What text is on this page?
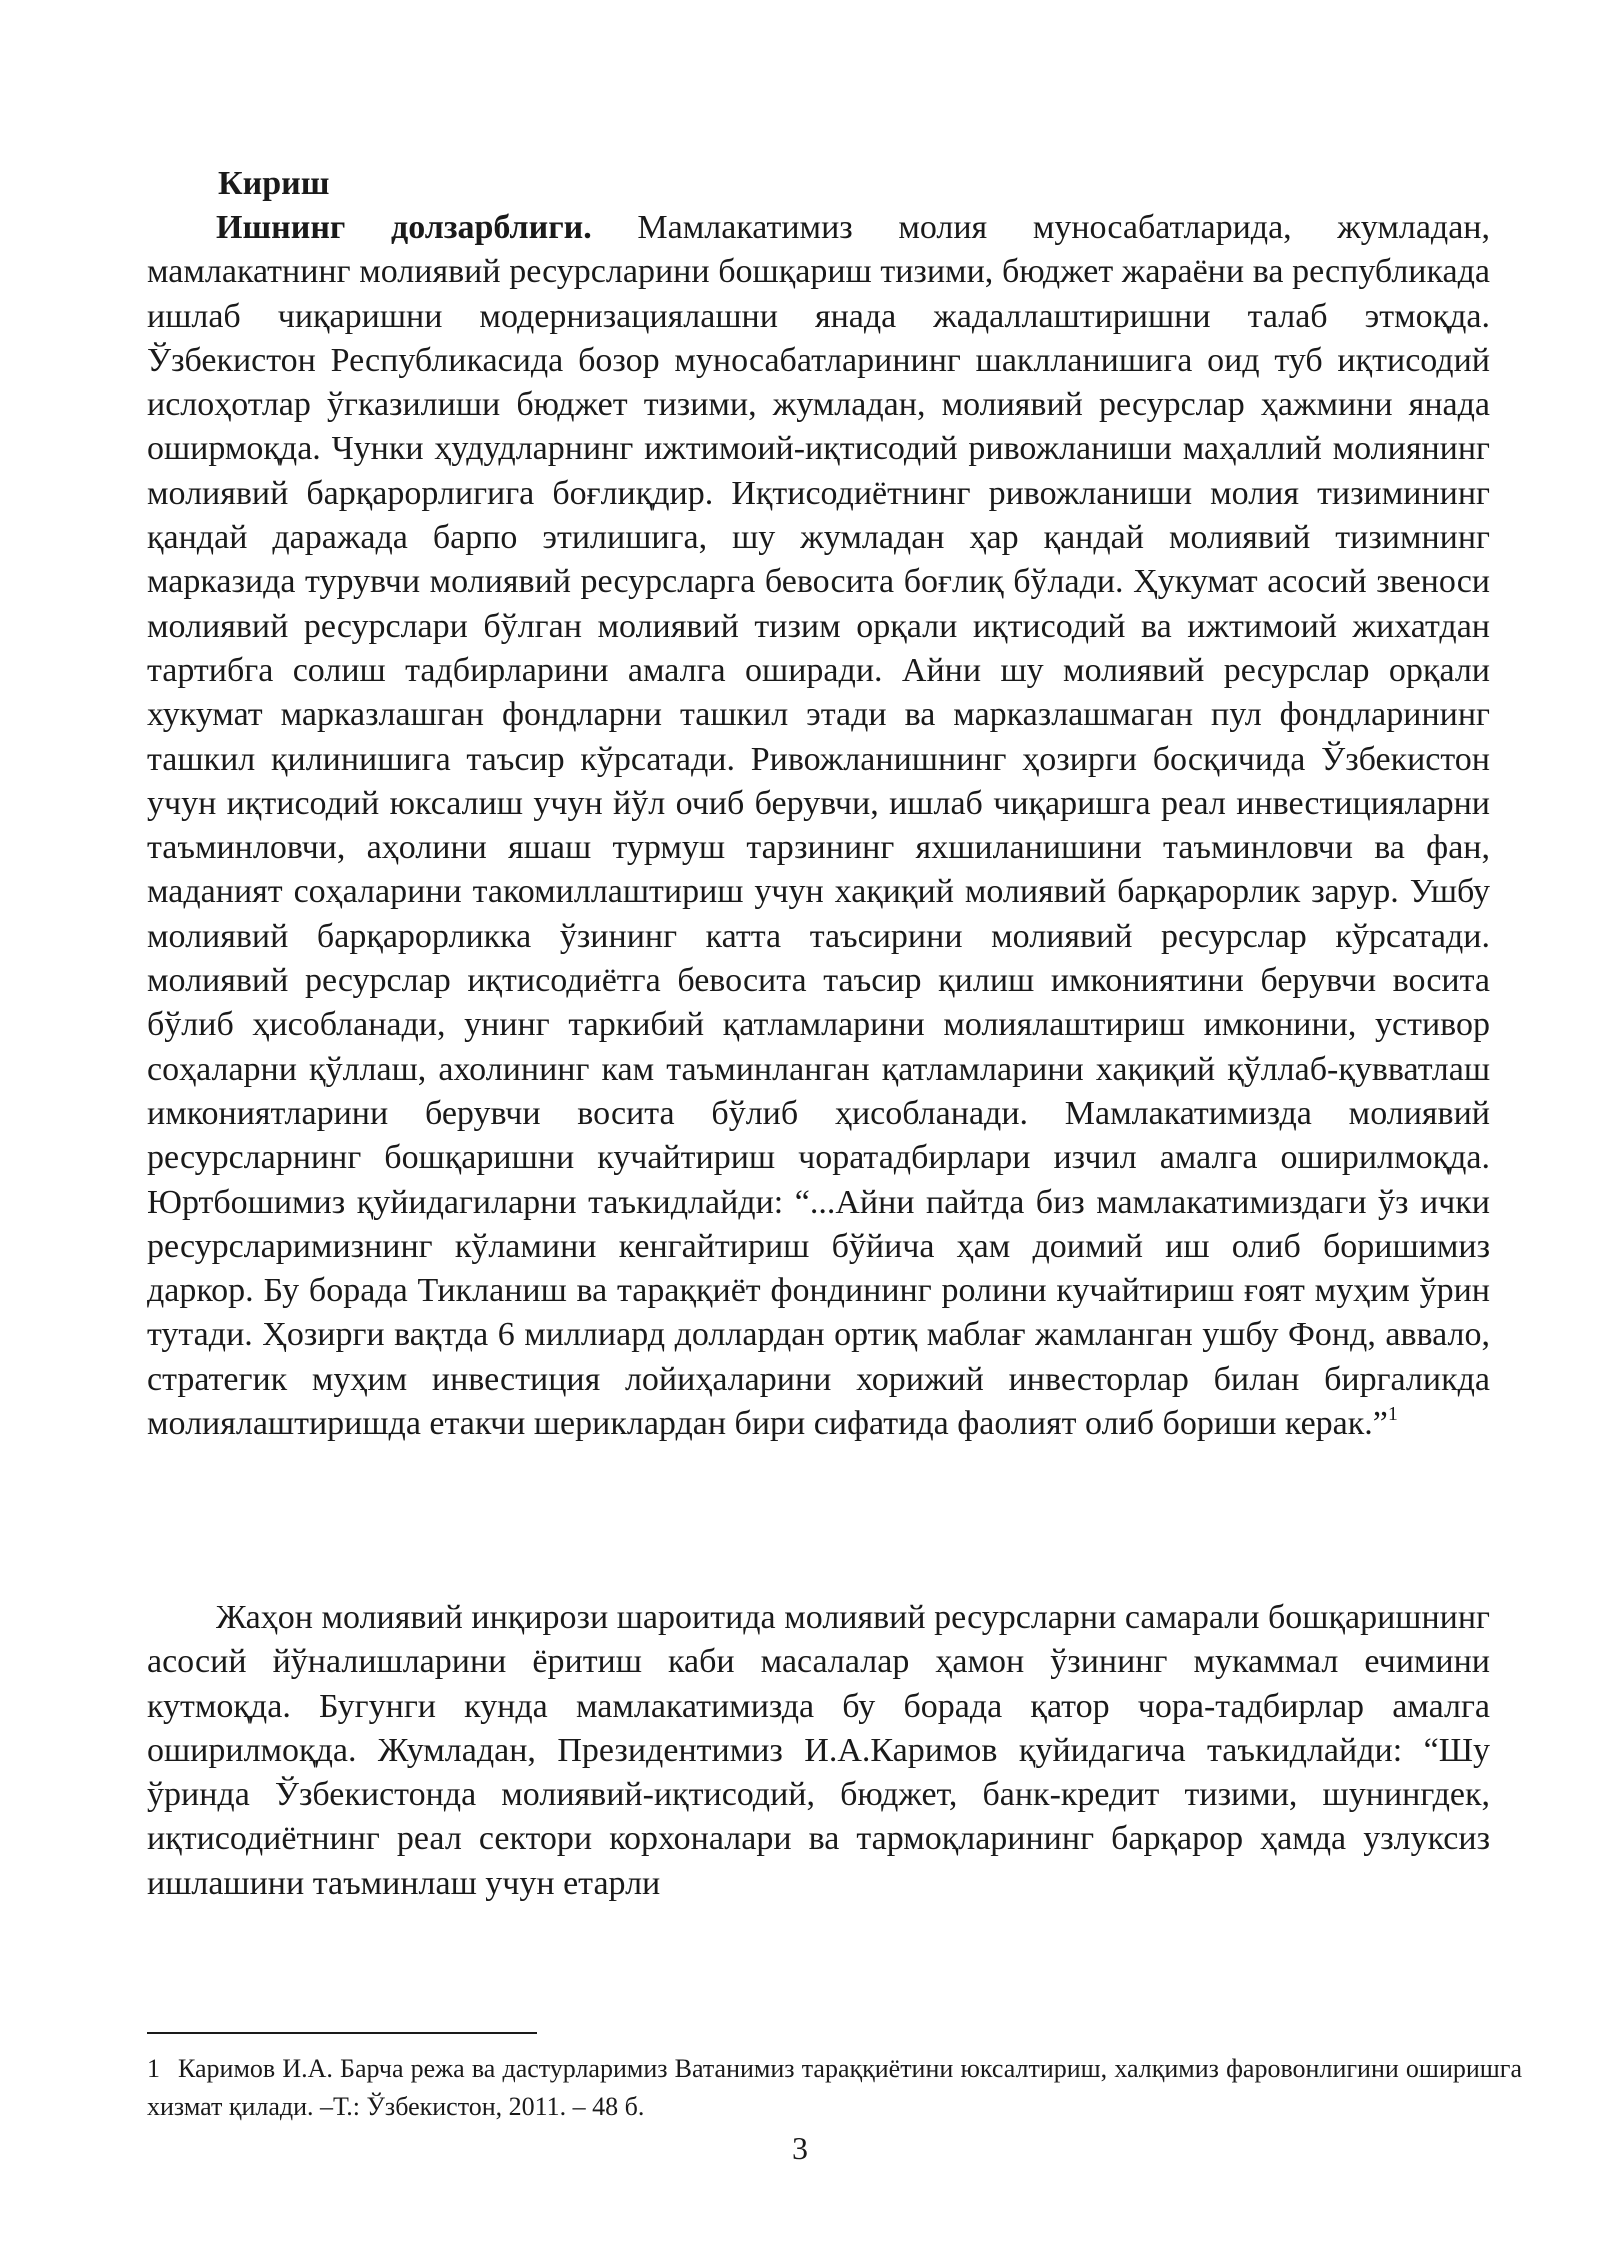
Кириш
Ишнинг долзарблиги. Мамлакатимиз молия муносабатларида, жумладан, мамлакатнинг молиявий ресурсларини бошқариш тизими, бюджет жараёни ва республикада ишлаб чиқаришни модернизациялашни янада жадаллаштиришни талаб этмоқда. Ўзбекистон Республикасида бозор муносабатларининг шаклланишига оид туб иқтисодий ислоҳотлар ўгказилиши бюджет тизими, жумладан, молиявий ресурслар ҳажмини янада оширмоқда. Чунки ҳудудларнинг ижтимоий-иқтисодий ривожланиши маҳаллий молиянинг молиявий барқарорлигига боғлиқдир. Иқтисодиётнинг ривожланиши молия тизимининг қандай даражада барпо этилишига, шу жумладан ҳар қандай молиявий тизимнинг марказида турувчи молиявий ресурсларга бевосита боғлиқ бўлади. Ҳукумат асосий звеноси молиявий ресурслари бўлган молиявий тизим орқали иқтисодий ва ижтимоий жихатдан тартибга солиш тадбирларини амалга оширади. Айни шу молиявий ресурслар орқали хукумат марказлашган фондларни ташкил этади ва марказлашмаган пул фондларининг ташкил қилинишига таъсир кўрсатади. Ривожланишнинг ҳозирги босқичида Ўзбекистон учун иқтисодий юксалиш учун йўл очиб берувчи, ишлаб чиқаришга реал инвестицияларни таъминловчи, аҳолини яшаш турмуш тарзининг яхшиланишини таъминловчи ва фан, маданият соҳаларини такомиллаштириш учун хақиқий молиявий барқарорлик зарур. Ушбу молиявий барқарорликка ўзининг катта таъсирини молиявий ресурслар кўрсатади. молиявий ресурслар иқтисодиётга бевосита таъсир қилиш имкониятини берувчи восита бўлиб ҳисобланади, унинг таркибий қатламларини молиялаштириш имконини, устивор соҳаларни қўллаш, ахолининг кам таъминланган қатламларини хақиқий қўллаб-қувватлаш имкониятларини берувчи восита бўлиб ҳисобланади. Мамлакатимизда молиявий ресурсларнинг бошқаришни кучайтириш чоратадбирлари изчил амалга оширилмоқда. Юртбошимиз қуйидагиларни таъкидлайди: “...Айни пайтда биз мамлакатимиздаги ўз ички ресурсларимизнинг кўламини кенгайтириш бўйича ҳам доимий иш олиб боришимиз даркор. Бу борада Тикланиш ва тараққиёт фондининг ролини кучайтириш ғоят муҳим ўрин тутади. Ҳозирги вақтда 6 миллиард доллардан ортиқ маблағ жамланган ушбу Фонд, аввало, стратегик муҳим инвестиция лойиҳаларини хорижий инвесторлар билан биргаликда молиялаштиришда етакчи шериклардан бири сифатида фаолият олиб бориши керак.”$^1$
Жаҳон молиявий инқирози шароитида молиявий ресурсларни самарали бошқаришнинг асосий йўналишларини ёритиш каби масалалар ҳамон ўзининг мукаммал ечимини кутмоқда. Бугунги кунда мамлакатимизда бу борада қатор чора-тадбирлар амалга оширилмоқда. Жумладан, Президентимиз И.А.Каримов қуйидагича таъкидлайди: “Шу ўринда Ўзбекистонда молиявий-иқтисодий, бюджет, банк-кредит тизими, шунингдек, иқтисодиётнинг реал сектори корхоналари ва тармоқларининг барқарор ҳамда узлуксиз ишлашини таъминлаш учун етарли
1 Каримов И.А. Барча режа ва дастурларимиз Ватанимиз тараққиётини юксалтириш, халқимиз фаровонлигини оширишга хизмат қилади. –Т.: Ўзбекистон, 2011. – 48 б.
3
